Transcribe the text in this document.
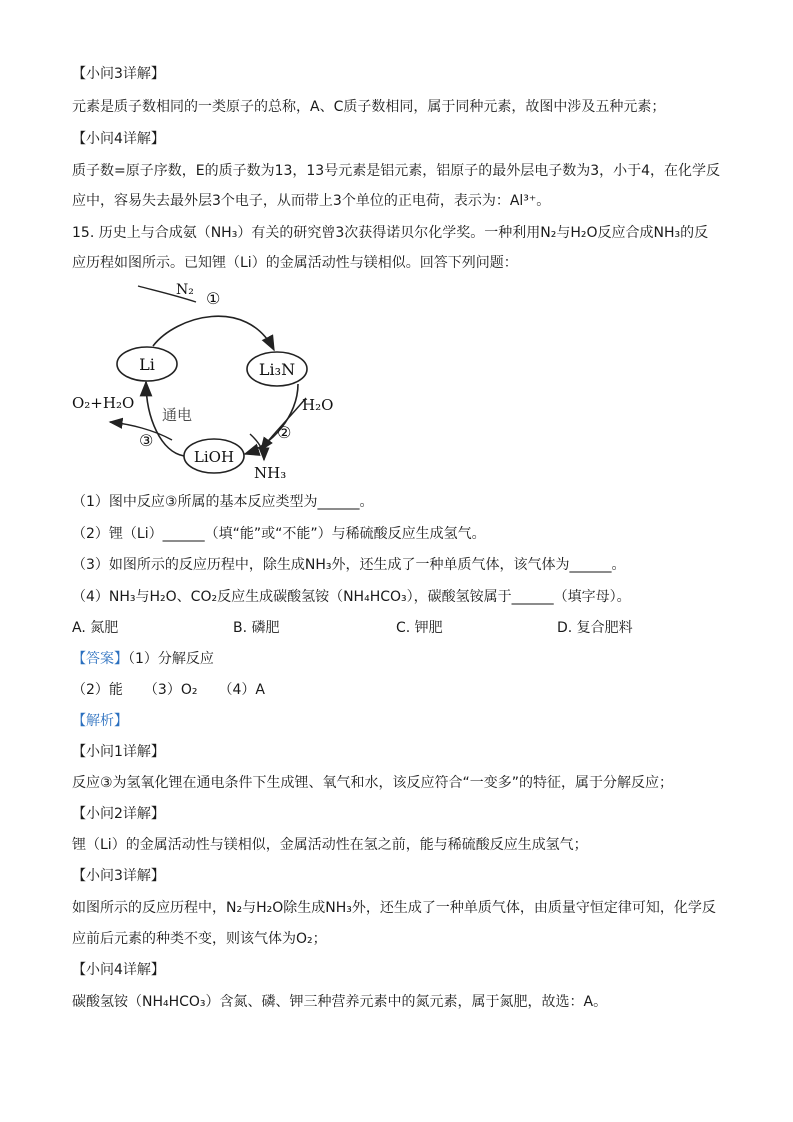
【小问3详解】
元素是质子数相同的一类原子的总称，A、C质子数相同，属于同种元素，故图中涉及五种元素；
【小问4详解】
质子数=原子序数，E的质子数为13，13号元素是铝元素，铝原子的最外层电子数为3，小于4，在化学反
应中，容易失去最外层3个电子，从而带上3个单位的正电荷，表示为：Al³⁺。
15. 历史上与合成氨（NH₃）有关的研究曾3次获得诺贝尔化学奖。一种利用N₂与H₂O反应合成NH₃的反
应历程如图所示。已知锂（Li）的金属活动性与镁相似。回答下列问题：
Li	Li₃N
LiOH
N₂
H₂O
NH₃
O₂+H₂O
通电
①
②
③
（1）图中反应③所属的基本反应类型为______。
（2）锂（Li）______（填“能”或“不能”）与稀硫酸反应生成氢气。
（3）如图所示的反应历程中，除生成NH₃外，还生成了一种单质气体，该气体为______。
（4）NH₃与H₂O、CO₂反应生成碳酸氢铵（NH₄HCO₃），碳酸氢铵属于______（填字母）。
A. 氮肥	B. 磷肥	C. 钾肥	D. 复合肥料
【答案】（1）分解反应
（2）能　　（3）O₂　　（4）A
【解析】
【小问1详解】
反应③为氢氧化锂在通电条件下生成锂、氧气和水，该反应符合“一变多”的特征，属于分解反应；
【小问2详解】
锂（Li）的金属活动性与镁相似，金属活动性在氢之前，能与稀硫酸反应生成氢气；
【小问3详解】
如图所示的反应历程中，N₂与H₂O除生成NH₃外，还生成了一种单质气体，由质量守恒定律可知，化学反
应前后元素的种类不变，则该气体为O₂；
【小问4详解】
碳酸氢铵（NH₄HCO₃）含氮、磷、钾三种营养元素中的氮元素，属于氮肥，故选：A。
